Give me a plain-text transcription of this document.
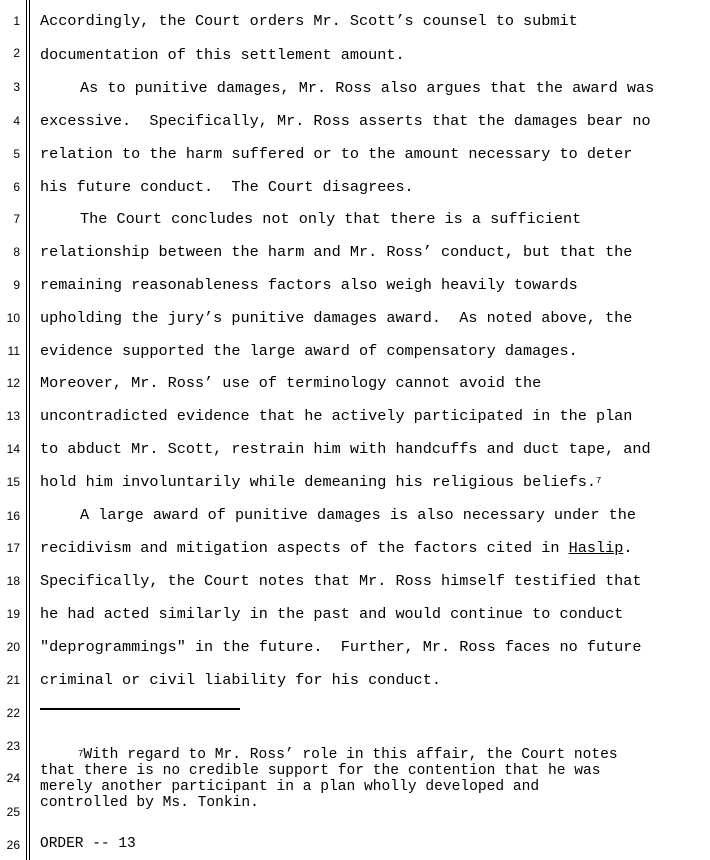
1
2
3
4
5
6
7
8
9
10
11
12
13
14
15
16
17
18
19
20
21
22
23
24
25
26
Accordingly, the Court orders Mr. Scott’s counsel to submit
documentation of this settlement amount.
As to punitive damages, Mr. Ross also argues that the award was
excessive.  Specifically, Mr. Ross asserts that the damages bear no
relation to the harm suffered or to the amount necessary to deter
his future conduct.  The Court disagrees.
The Court concludes not only that there is a sufficient
relationship between the harm and Mr. Ross’ conduct, but that the
remaining reasonableness factors also weigh heavily towards
upholding the jury’s punitive damages award.  As noted above, the
evidence supported the large award of compensatory damages.
Moreover, Mr. Ross’ use of terminology cannot avoid the
uncontradicted evidence that he actively participated in the plan
to abduct Mr. Scott, restrain him with handcuffs and duct tape, and
hold him involuntarily while demeaning his religious beliefs.$^7$
A large award of punitive damages is also necessary under the
recidivism and mitigation aspects of the factors cited in Haslip.
Specifically, the Court notes that Mr. Ross himself testified that
he had acted similarly in the past and would continue to conduct
"deprogrammings" in the future.  Further, Mr. Ross faces no future
criminal or civil liability for his conduct.
$^7$With regard to Mr. Ross’ role in this affair, the Court notes
that there is no credible support for the contention that he was
merely another participant in a plan wholly developed and
controlled by Ms. Tonkin.
ORDER -- 13
